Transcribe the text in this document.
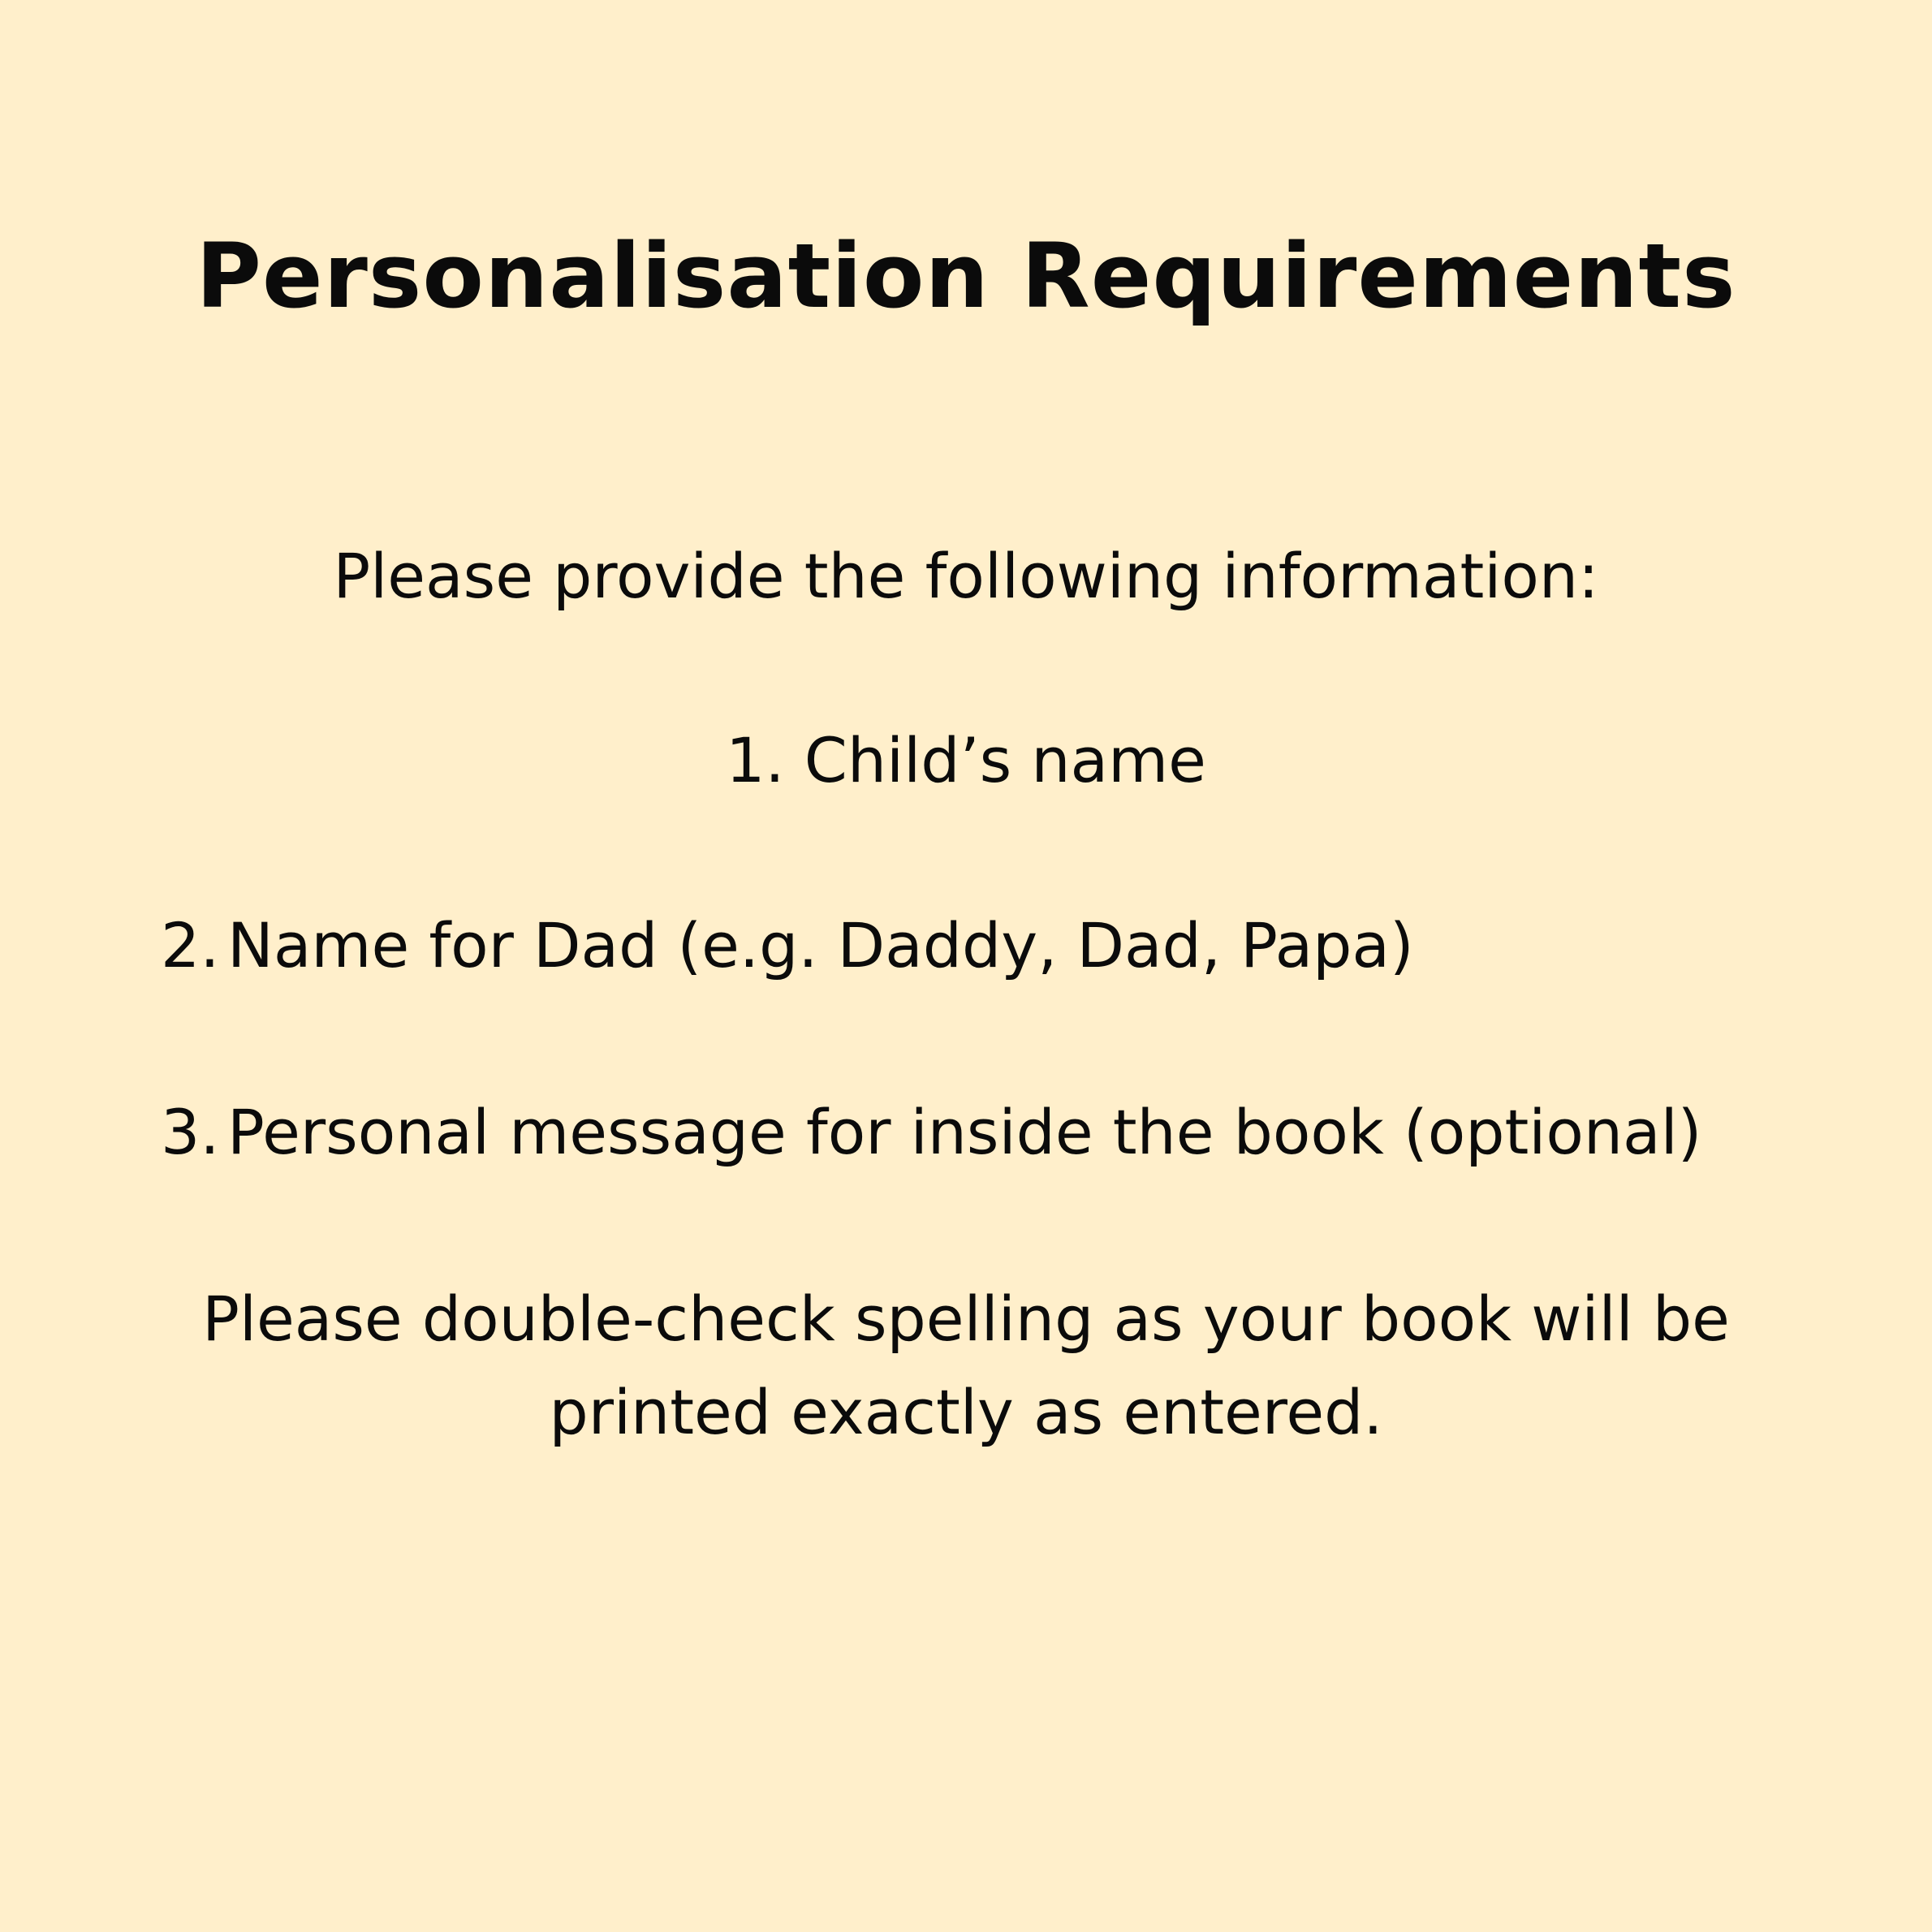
Personalisation Requirements
Please provide the following information:
1. Child’s name
2. Name for Dad (e.g. Daddy, Dad, Papa)
3. Personal message for inside the book (optional)
Please double-check spelling as your book will be
printed exactly as entered.
